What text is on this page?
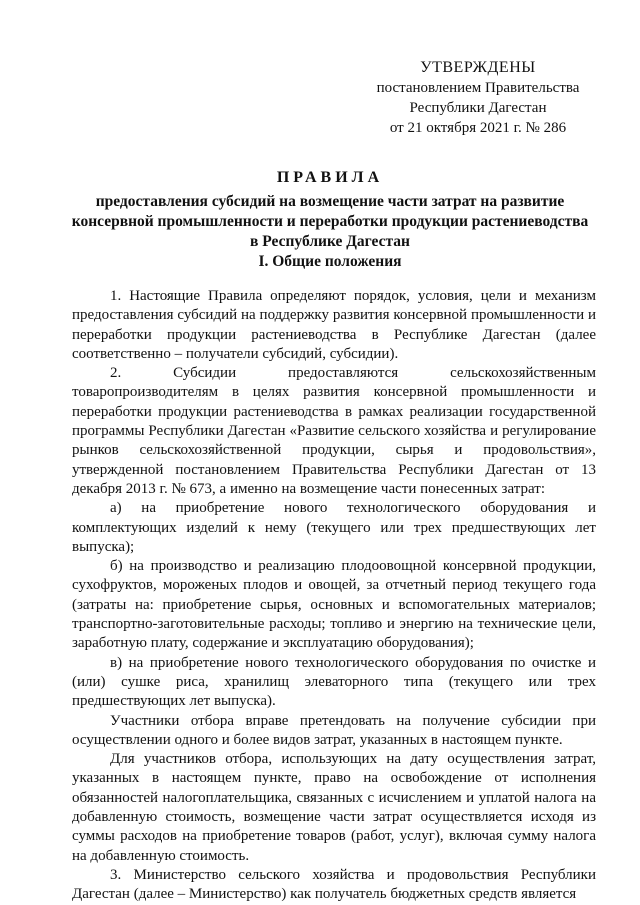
УТВЕРЖДЕНЫ
постановлением Правительства
Республики Дагестан
от 21 октября 2021 г. № 286
ПРАВИЛА
предоставления субсидий на возмещение части затрат на развитие консервной промышленности и переработки продукции растениеводства в Республике Дагестан
I. Общие положения

1. Настоящие Правила определяют порядок, условия, цели и механизм предоставления субсидий на поддержку развития консервной промышленности и переработки продукции растениеводства в Республике Дагестан (далее соответственно – получатели субсидий, субсидии).

2. Субсидии предоставляются сельскохозяйственным товаропроизводителям в целях развития консервной промышленности и переработки продукции растениеводства в рамках реализации государственной программы Республики Дагестан «Развитие сельского хозяйства и регулирование рынков сельскохозяйственной продукции, сырья и продовольствия», утвержденной постановлением Правительства Республики Дагестан от 13 декабря 2013 г. № 673, а именно на возмещение части понесенных затрат:

а) на приобретение нового технологического оборудования и комплектующих изделий к нему (текущего или трех предшествующих лет выпуска);

б) на производство и реализацию плодоовощной консервной продукции, сухофруктов, мороженых плодов и овощей, за отчетный период текущего года (затраты на: приобретение сырья, основных и вспомогательных материалов; транспортно-заготовительные расходы; топливо и энергию на технические цели, заработную плату, содержание и эксплуатацию оборудования);

в) на приобретение нового технологического оборудования по очистке и (или) сушке риса, хранилищ элеваторного типа (текущего или трех предшествующих лет выпуска).

Участники отбора вправе претендовать на получение субсидии при осуществлении одного и более видов затрат, указанных в настоящем пункте.

Для участников отбора, использующих на дату осуществления затрат, указанных в настоящем пункте, право на освобождение от исполнения обязанностей налогоплательщика, связанных с исчислением и уплатой налога на добавленную стоимость, возмещение части затрат осуществляется исходя из суммы расходов на приобретение товаров (работ, услуг), включая сумму налога на добавленную стоимость.

3. Министерство сельского хозяйства и продовольствия Республики Дагестан (далее – Министерство) как получатель бюджетных средств является
